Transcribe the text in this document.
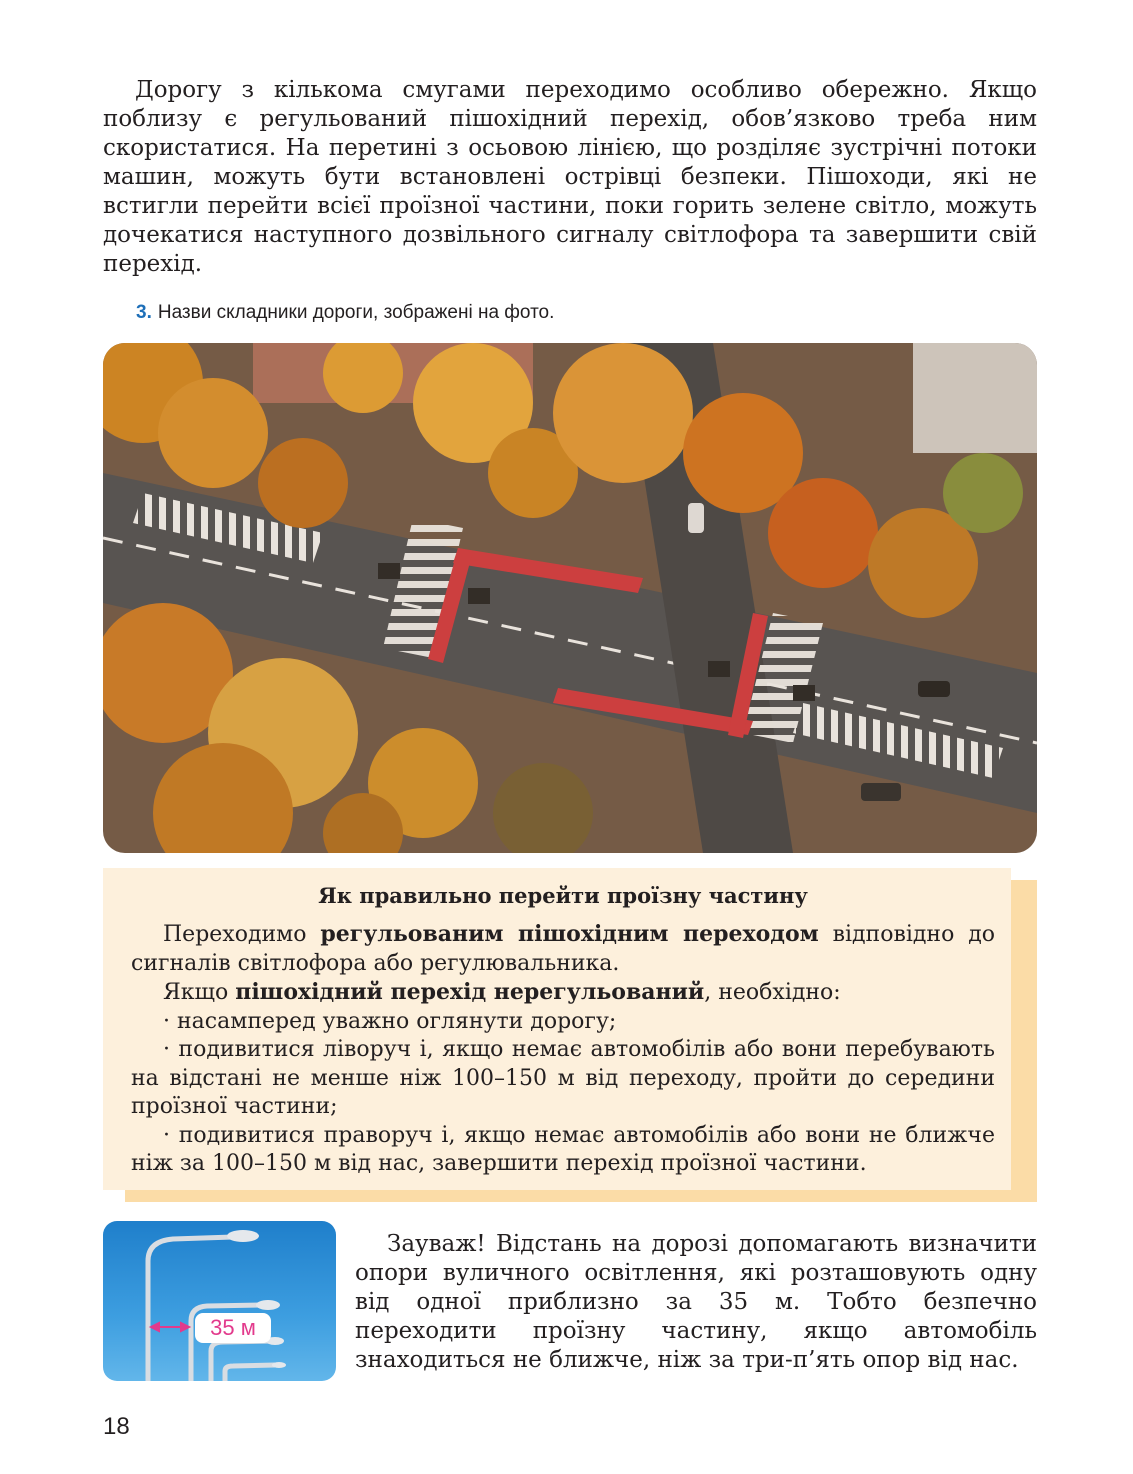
Дорогу з кількома смугами переходимо особливо обережно. Якщо поблизу є регульований пішохідний перехід, обов’язково треба ним скористатися. На перетині з осьовою лінією, що розділяє зустрічні потоки машин, можуть бути встановлені острівці безпеки. Пішоходи, які не встигли перейти всієї проїзної частини, поки горить зелене світло, можуть дочекатися наступного дозвільного сигналу світлофора та завершити свій перехід.

3. Назви складники дороги, зображені на фото.

Як правильно перейти проїзну частину

Переходимо регульованим пішохідним переходом відповідно до сигналів світлофора або регулювальника.

Якщо пішохідний перехід нерегульований, необхідно:

· насамперед уважно оглянути дорогу;

· подивитися ліворуч і, якщо немає автомобілів або вони перебувають на відстані не менше ніж 100–150 м від переходу, пройти до середини проїзної частини;

· подивитися праворуч і, якщо немає автомобілів або вони не ближче ніж за 100–150 м від нас, завершити перехід проїзної частини.

35 м

Зауваж! Відстань на дорозі допомагають визначити опори вуличного освітлення, які розташовують одну від одної приблизно за 35 м. Тобто безпечно переходити проїзну частину, якщо автомобіль знаходиться не ближче, ніж за три-п’ять опор від нас.

18
